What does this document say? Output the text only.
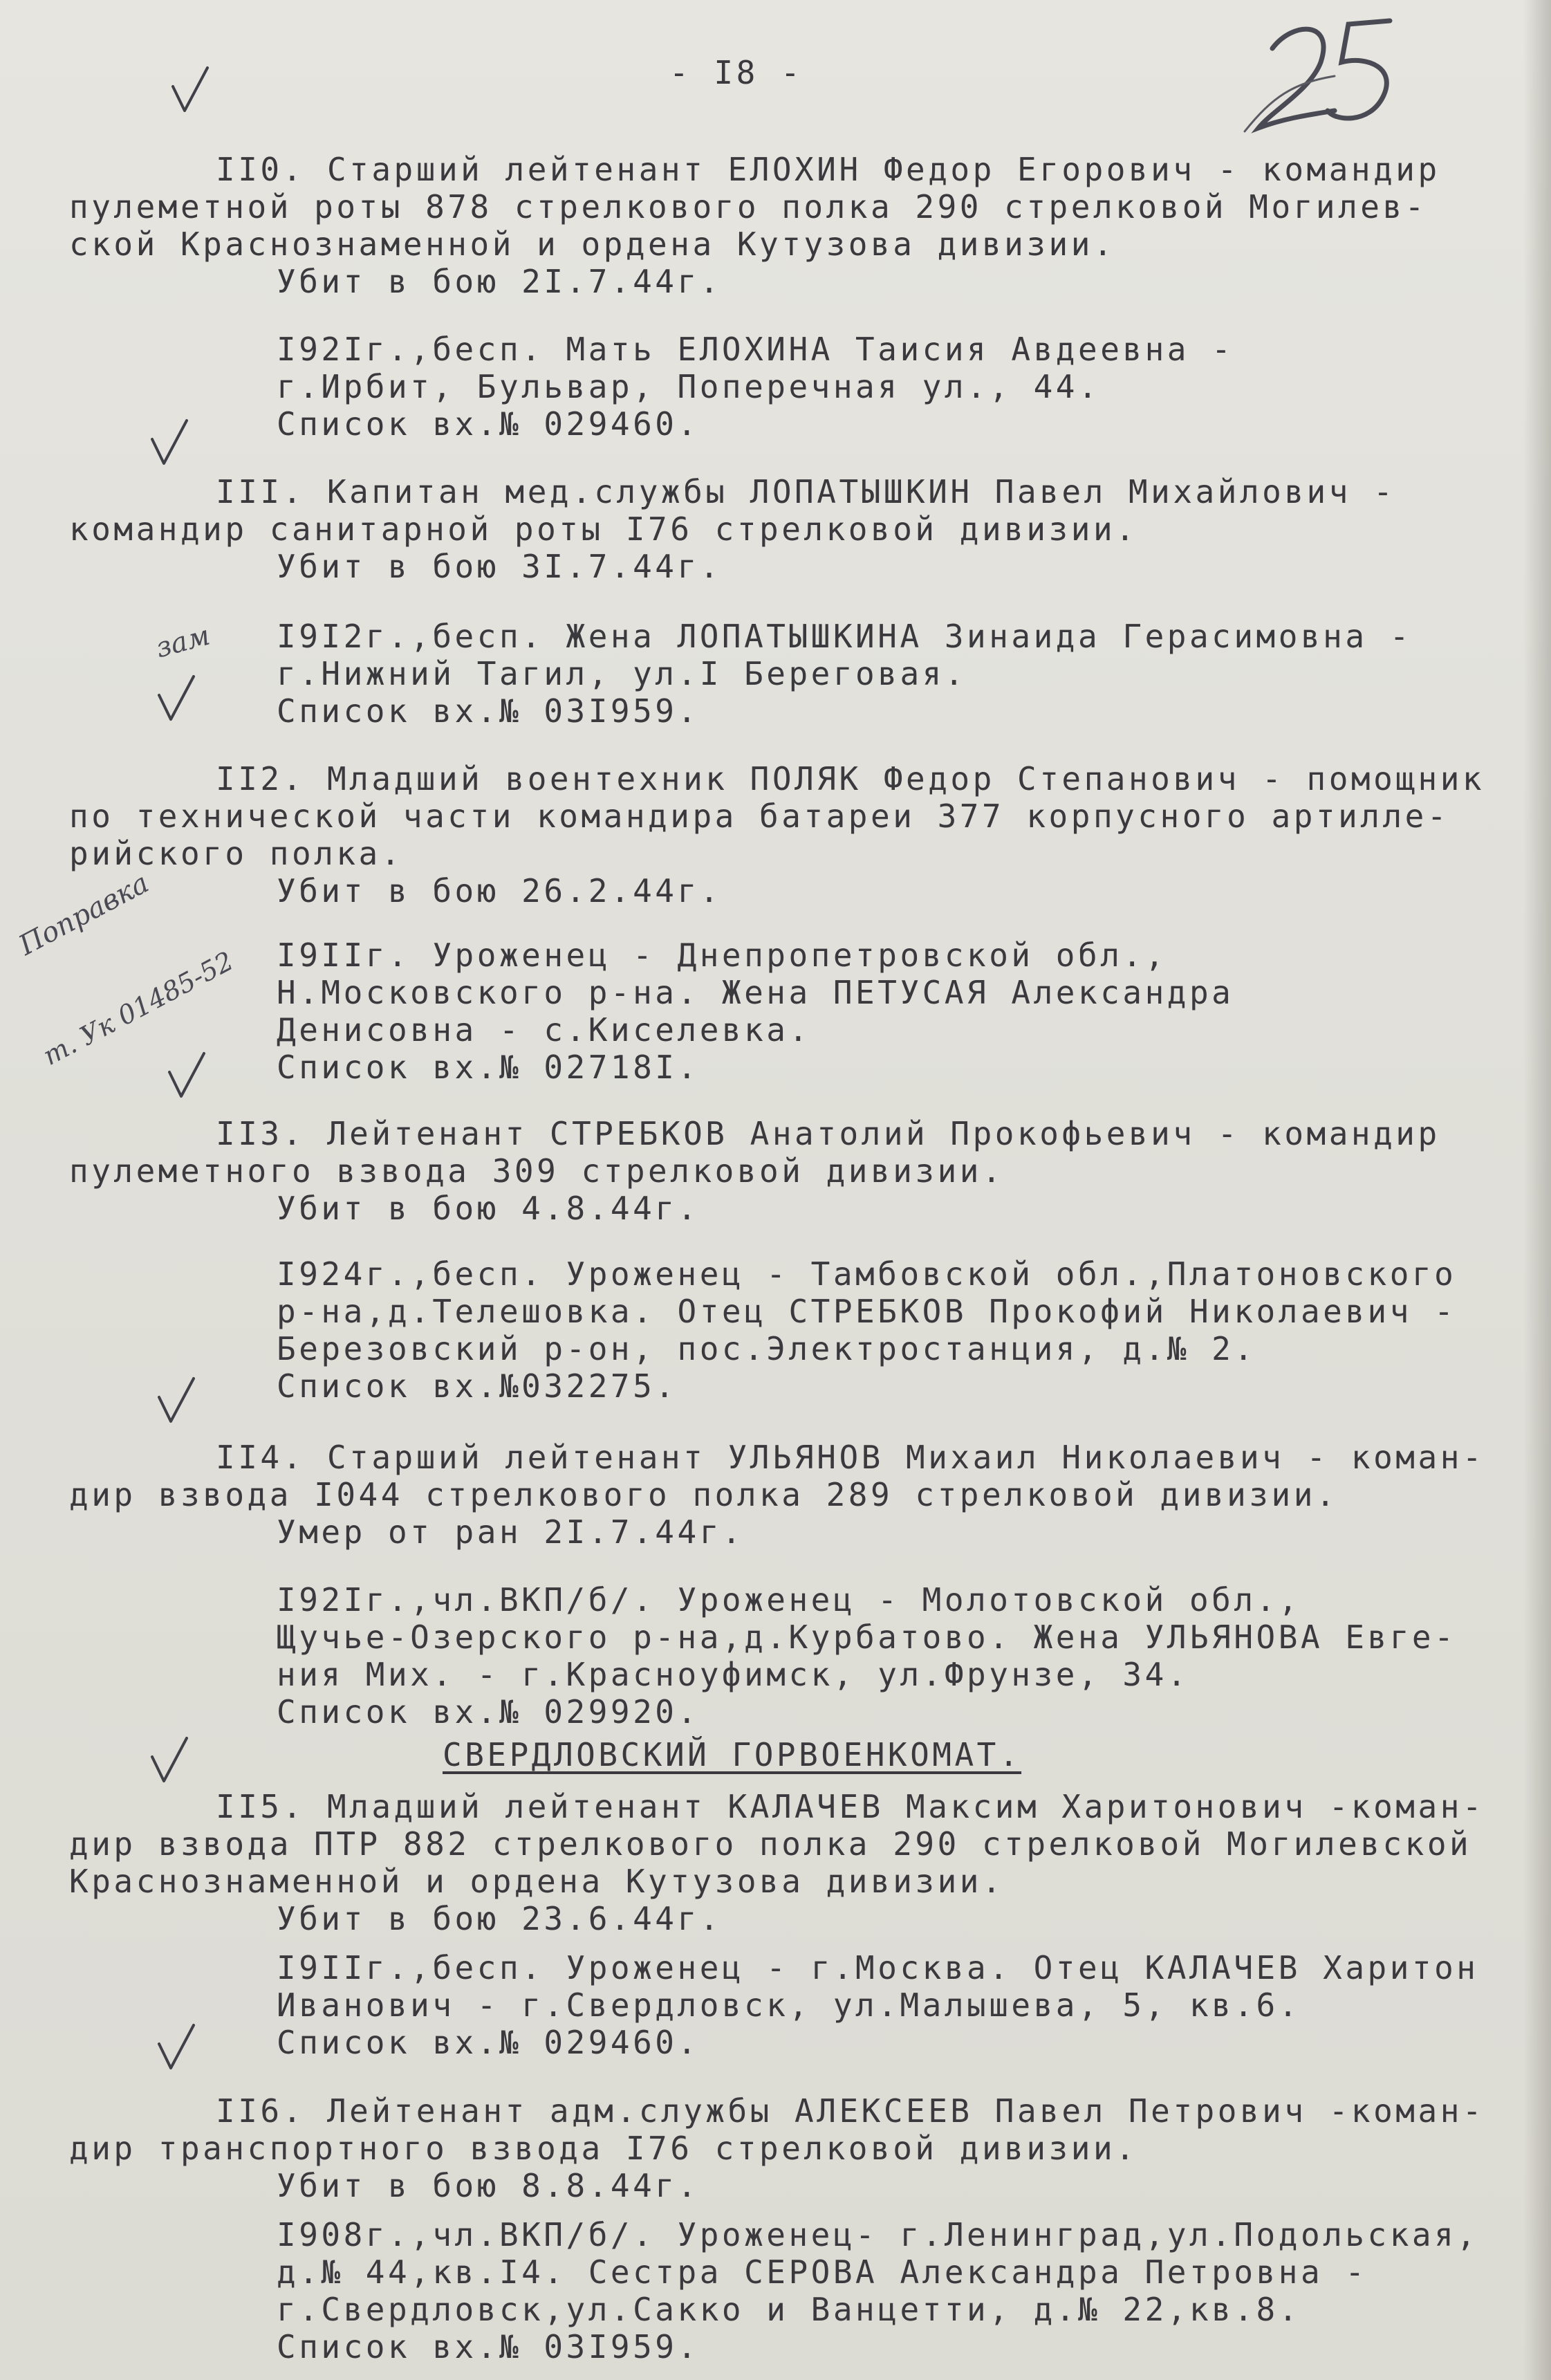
- I8 -
зам
Поправка
т. Ук 01485-52
II0. Старший лейтенант ЕЛОХИН Федор Егорович - командир
пулеметной роты 878 стрелкового полка 290 стрелковой Могилев-
ской Краснознаменной и ордена Кутузова дивизии.
Убит в бою 2I.7.44г.
I92Iг.,бесп. Мать ЕЛОХИНА Таисия Авдеевна -
г.Ирбит, Бульвар, Поперечная ул., 44.
Список вх.№ 029460.
III. Капитан мед.службы ЛОПАТЫШКИН Павел Михайлович -
командир санитарной роты I76 стрелковой дивизии.
Убит в бою 3I.7.44г.
I9I2г.,бесп. Жена ЛОПАТЫШКИНА Зинаида Герасимовна -
г.Нижний Тагил, ул.I Береговая.
Список вх.№ 03I959.
II2. Младший воентехник ПОЛЯК Федор Степанович - помощник
по технической части командира батареи 377 корпусного артилле-
рийского полка.
Убит в бою 26.2.44г.
I9IIг. Уроженец - Днепропетровской обл.,
Н.Московского р-на. Жена ПЕТУСАЯ Александра
Денисовна - с.Киселевка.
Список вх.№ 02718I.
II3. Лейтенант СТРЕБКОВ Анатолий Прокофьевич - командир
пулеметного взвода 309 стрелковой дивизии.
Убит в бою 4.8.44г.
I924г.,бесп. Уроженец - Тамбовской обл.,Платоновского
р-на,д.Телешовка. Отец СТРЕБКОВ Прокофий Николаевич -
Березовский р-он, пос.Электростанция, д.№ 2.
Список вх.№032275.
II4. Старший лейтенант УЛЬЯНОВ Михаил Николаевич - коман-
дир взвода I044 стрелкового полка 289 стрелковой дивизии.
Умер от ран 2I.7.44г.
I92Iг.,чл.ВКП/б/. Уроженец - Молотовской обл.,
Щучье-Озерского р-на,д.Курбатово. Жена УЛЬЯНОВА Евге-
ния Мих. - г.Красноуфимск, ул.Фрунзе, 34.
Список вх.№ 029920.
СВЕРДЛОВСКИЙ ГОРВОЕНКОМАТ.
II5. Младший лейтенант КАЛАЧЕВ Максим Харитонович -коман-
дир взвода ПТР 882 стрелкового полка 290 стрелковой Могилевской
Краснознаменной и ордена Кутузова дивизии.
Убит в бою 23.6.44г.
I9IIг.,бесп. Уроженец - г.Москва. Отец КАЛАЧЕВ Харитон
Иванович - г.Свердловск, ул.Малышева, 5, кв.6.
Список вх.№ 029460.
II6. Лейтенант адм.службы АЛЕКСЕЕВ Павел Петрович -коман-
дир транспортного взвода I76 стрелковой дивизии.
Убит в бою 8.8.44г.
I908г.,чл.ВКП/б/. Уроженец- г.Ленинград,ул.Подольская,
д.№ 44,кв.I4. Сестра СЕРОВА Александра Петровна -
г.Свердловск,ул.Сакко и Ванцетти, д.№ 22,кв.8.
Список вх.№ 03I959.
